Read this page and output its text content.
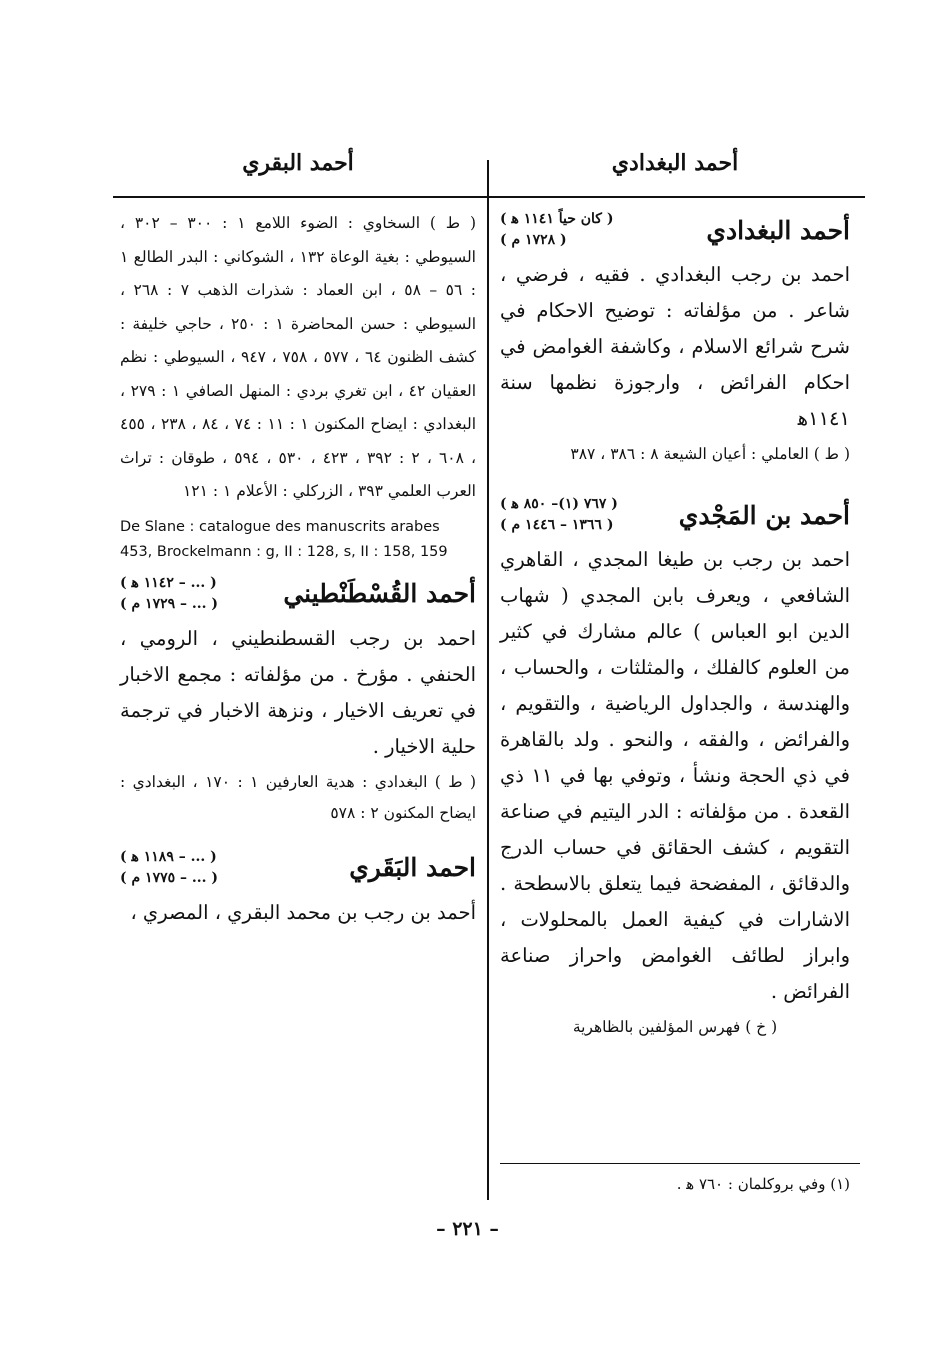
أحمد البغدادي
أحمد البقري
أحمد البغدادي
( كان حياً ١١٤١ ﻫ )
( ١٧٢٨ م )
احمد بن رجب البغدادي . فقيه ، فرضي ، شاعر . من مؤلفاته : توضيح الاحكام في شرح شرائع الاسلام ، وكاشفة الغوامض في احكام الفرائض ، وارجوزة نظمها سنة ١١٤١ﻫ
( ط ) العاملي : أعيان الشيعة ٨ : ٣٨٦ ، ٣٨٧
أحمد بن المَجْدي
( ٧٦٧ (١)– ٨٥٠ ﻫ )
( ١٣٦٦ – ١٤٤٦ م )
احمد بن رجب بن طيغا المجدي ، القاهري الشافعي ، ويعرف بابن المجدي ( شهاب الدين ابو العباس ) عالم مشارك في كثير من العلوم كالفلك ، والمثلثات ، والحساب ، والهندسة ، والجداول الرياضية ، والتقويم ، والفرائض ، والفقه ، والنحو . ولد بالقاهرة في ذي الحجة ونشأ ، وتوفي بها في ١١ ذي القعدة . من مؤلفاته : الدر اليتيم في صناعة التقويم ، كشف الحقائق في حساب الدرج والدقائق ، المفضحة فيما يتعلق بالاسطحة . الاشارات في كيفية العمل بالمحلولات ، وابراز لطائف الغوامض واحراز صناعة الفرائض .
( خ ) فهرس المؤلفين بالظاهرية
(١) وفي بروكلمان : ٧٦٠ ﻫ .
( ط ) السخاوي : الضوء اللامع ١ : ٣٠٠ – ٣٠٢ ، السيوطي : بغية الوعاة ١٣٢ ، الشوكاني : البدر الطالع ١ : ٥٦ – ٥٨ ، ابن العماد : شذرات الذهب ٧ : ٢٦٨ ، السيوطي : حسن المحاضرة ١ : ٢٥٠ ، حاجي خليفة : كشف الظنون ٦٤ ، ٥٧٧ ، ٧٥٨ ، ٩٤٧ ، السيوطي : نظم العقيان ٤٢ ، ابن تغري بردي : المنهل الصافي ١ : ٢٧٩ ، البغدادي : ايضاح المكنون ١ : ١١ : ٧٤ ، ٨٤ ، ٢٣٨ ، ٤٥٥ ، ٦٠٨ ، ٢ : ٣٩٢ ، ٤٢٣ ، ٥٣٠ ، ٥٩٤ ، طوقان : تراث العرب العلمي ٣٩٣ ، الزركلي : الأعلام ١ : ١٢١
De Slane : catalogue des manuscrits arabes 453, Brockelmann : g, II : 128, s, II : 158, 159
أحمد القُسْطَنْطيني
( ... – ١١٤٢ ﻫ )
( ... – ١٧٢٩ م )
احمد بن رجب القسطنطيني ، الرومي ، الحنفي . مؤرخ . من مؤلفاته : مجمع الاخبار في تعريف الاخيار ، ونزهة الاخبار في ترجمة حلية الاخيار .
( ط ) البغدادي : هدية العارفين ١ : ١٧٠ ، البغدادي : ايضاح المكنون ٢ : ٥٧٨
احمد البَقَري
( ... – ١١٨٩ ﻫ )
( ... – ١٧٧٥ م )
أحمد بن رجب بن محمد البقري ، المصري ،
– ٢٢١ –
